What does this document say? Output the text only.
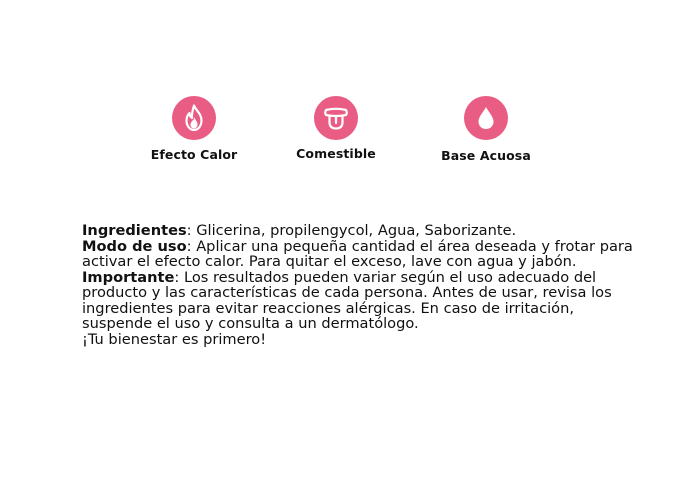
Efecto Calor	Comestible	Base Acuosa

Ingredientes: Glicerina, propilengycol, Agua, Saborizante.

Modo de uso: Aplicar una pequeña cantidad el área deseada y frotar para activar el efecto calor. Para quitar el exceso, lave con agua y jabón.

Importante: Los resultados pueden variar según el uso adecuado del producto y las características de cada persona. Antes de usar, revisa los ingredientes para evitar reacciones alérgicas. En caso de irritación, suspende el uso y consulta a un dermatólogo.

¡Tu bienestar es primero!
